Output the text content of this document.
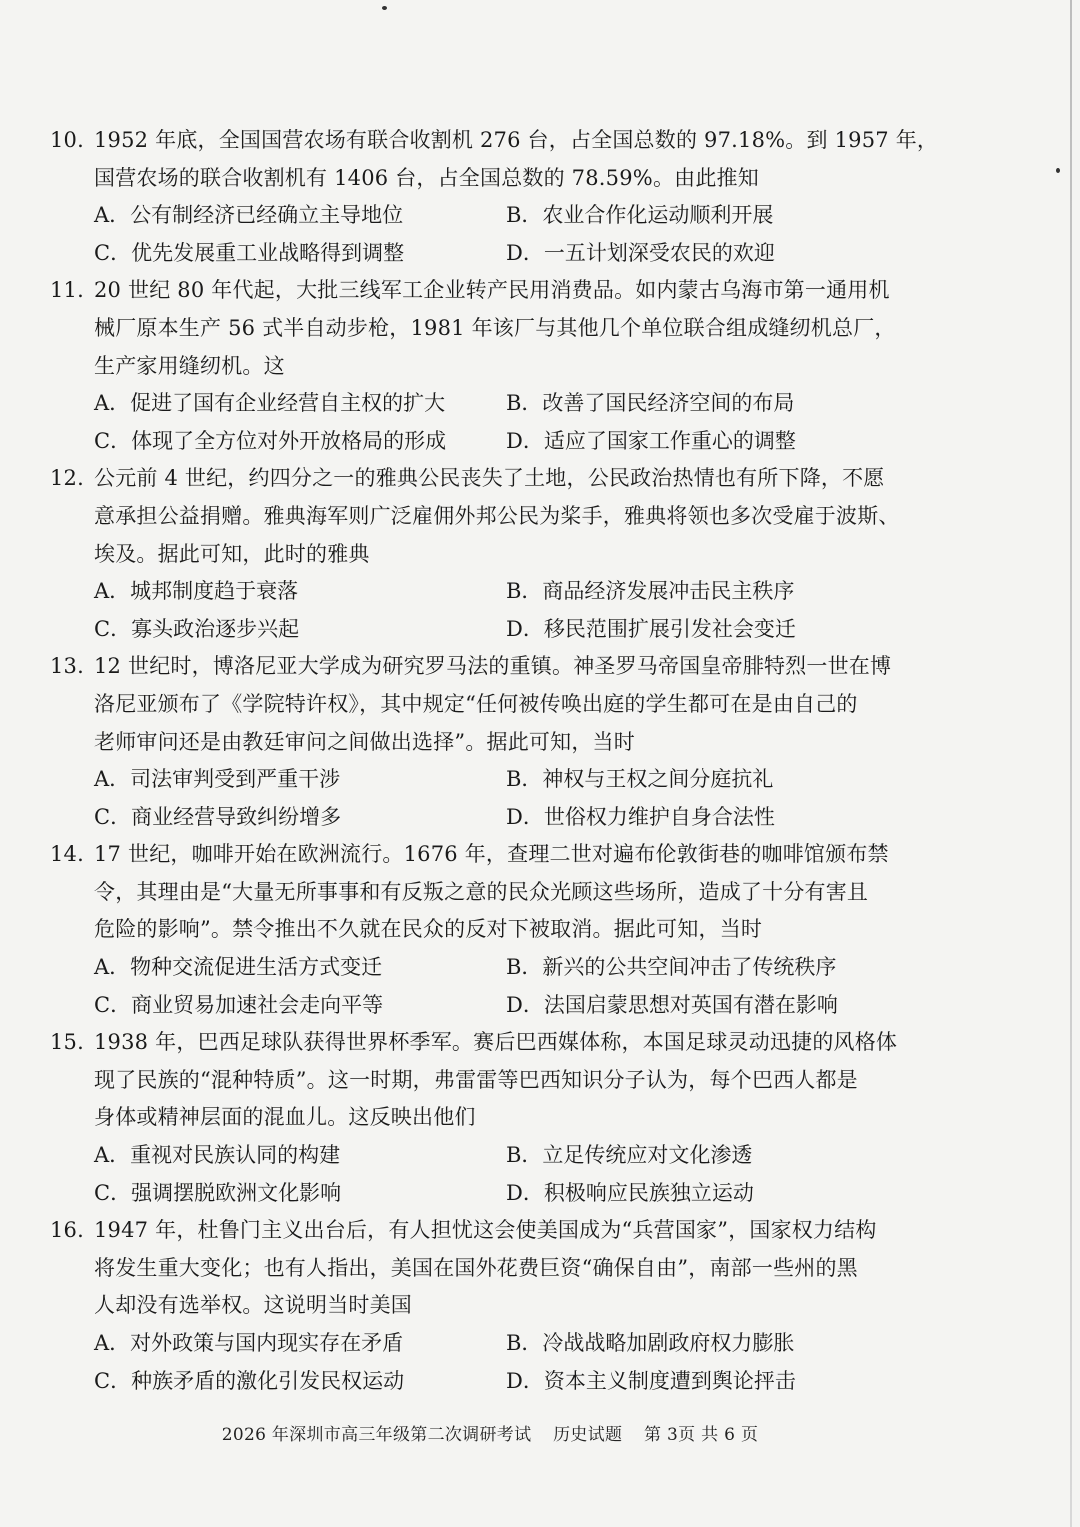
10. 1952 年底，全国国营农场有联合收割机 276 台，占全国总数的 97.18%。到 1957 年，
国营农场的联合收割机有 1406 台，占全国总数的 78.59%。由此推知
A．公有制经济已经确立主导地位	B．农业合作化运动顺利开展
C．优先发展重工业战略得到调整	D．一五计划深受农民的欢迎
11. 20 世纪 80 年代起，大批三线军工企业转产民用消费品。如内蒙古乌海市第一通用机
械厂原本生产 56 式半自动步枪，1981 年该厂与其他几个单位联合组成缝纫机总厂，
生产家用缝纫机。这
A．促进了国有企业经营自主权的扩大	B．改善了国民经济空间的布局
C．体现了全方位对外开放格局的形成	D．适应了国家工作重心的调整
12. 公元前 4 世纪，约四分之一的雅典公民丧失了土地，公民政治热情也有所下降，不愿
意承担公益捐赠。雅典海军则广泛雇佣外邦公民为桨手，雅典将领也多次受雇于波斯、
埃及。据此可知，此时的雅典
A．城邦制度趋于衰落	B．商品经济发展冲击民主秩序
C．寡头政治逐步兴起	D．移民范围扩展引发社会变迁
13. 12 世纪时，博洛尼亚大学成为研究罗马法的重镇。神圣罗马帝国皇帝腓特烈一世在博
洛尼亚颁布了《学院特许权》，其中规定“任何被传唤出庭的学生都可在是由自己的
老师审问还是由教廷审问之间做出选择”。据此可知，当时
A．司法审判受到严重干涉	B．神权与王权之间分庭抗礼
C．商业经营导致纠纷增多	D．世俗权力维护自身合法性
14. 17 世纪，咖啡开始在欧洲流行。1676 年，查理二世对遍布伦敦街巷的咖啡馆颁布禁
令，其理由是“大量无所事事和有反叛之意的民众光顾这些场所，造成了十分有害且
危险的影响”。禁令推出不久就在民众的反对下被取消。据此可知，当时
A．物种交流促进生活方式变迁	B．新兴的公共空间冲击了传统秩序
C．商业贸易加速社会走向平等	D．法国启蒙思想对英国有潜在影响
15. 1938 年，巴西足球队获得世界杯季军。赛后巴西媒体称，本国足球灵动迅捷的风格体
现了民族的“混种特质”。这一时期，弗雷雷等巴西知识分子认为，每个巴西人都是
身体或精神层面的混血儿。这反映出他们
A．重视对民族认同的构建	B．立足传统应对文化渗透
C．强调摆脱欧洲文化影响	D．积极响应民族独立运动
16. 1947 年，杜鲁门主义出台后，有人担忧这会使美国成为“兵营国家”，国家权力结构
将发生重大变化；也有人指出，美国在国外花费巨资“确保自由”，南部一些州的黑
人却没有选举权。这说明当时美国
A．对外政策与国内现实存在矛盾	B．冷战战略加剧政府权力膨胀
C．种族矛盾的激化引发民权运动	D．资本主义制度遭到舆论抨击
2026 年深圳市高三年级第二次调研考试 历史试题 第 3页 共 6 页
